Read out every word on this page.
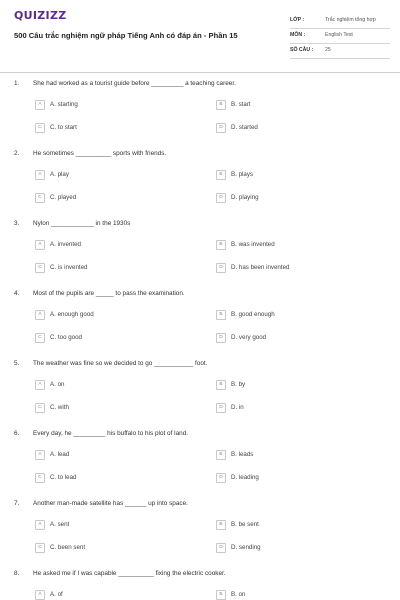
QUIZIZZ
500 Câu trắc nghiệm ngữ pháp Tiếng Anh có đáp án - Phần 15
LỚP :	Trắc nghiệm tổng hợp
MÔN :	English Test
SỐ CÂU : 25
1. She had worked as a tourist guide before _________ a teaching career.
A	A. starting	B	B. start
C	C. to start	D	D. started
2. He sometimes __________ sports with friends.
A	A. play	B	B. plays
C	C. played	D	D. playing
3. Nylon ____________ in the 1930s
A	A. invented	B	B. was invented
C	C. is invented	D	D. has been invented
4. Most of the pupils are _____ to pass the examination.
A	A. enough good	B	B. good enough
C	C. too good	D	D. very good
5. The weather was fine so we decided to go ___________ foot.
A	A. on	B	B. by
C	C. with	D	D. in
6. Every day, he _________ his buffalo to his plot of land.
A	A. lead	B	B. leads
C	C. to lead	D	D. leading
7. Another man-made satellite has ______ up into space.
A	A. sent	B	B. be sent
C	C. been sent	D	D. sending
8. He asked me if I was capable __________ fixing the electric cooker.
A	A. of	B	B. on
